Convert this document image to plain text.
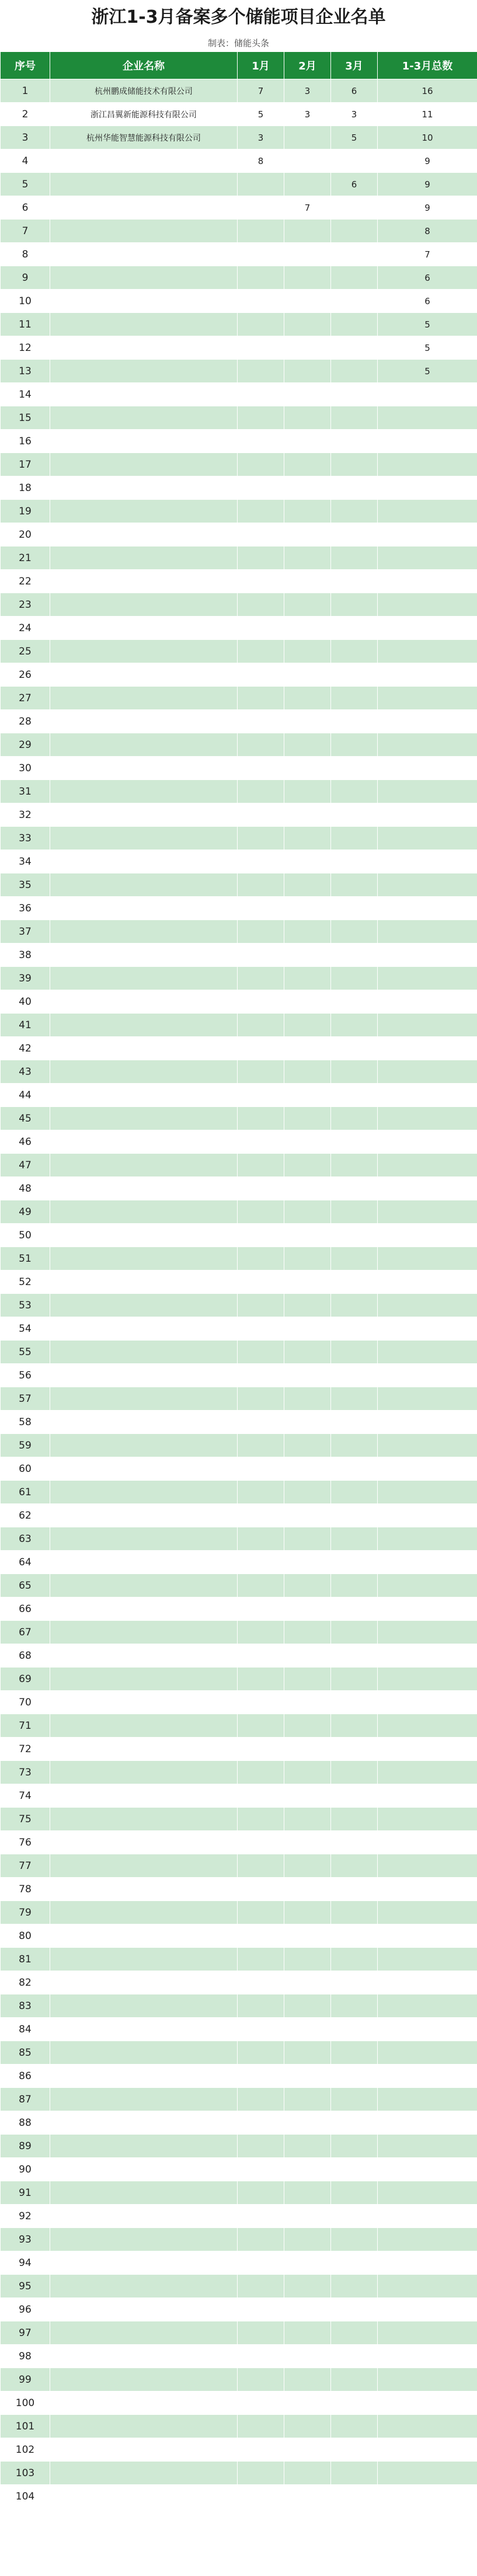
浙江1-3月备案多个储能项目企业名单
制表：储能头条
序号	企业名称	1月	2月	3月	1-3月总数
1	杭州鹏成储能技术有限公司	7	3	6	16
2	浙江昌翼新能源科技有限公司	5	3	3	11
3	杭州华能智慧能源科技有限公司	3		5	10
4		8			9
5				6	9
6			7		9
7					8
8					7
9					6
10					6
11					5
12					5
13					5
14					
15					
16					
17					
18					
19					
20					
21					
22					
23					
24					
25					
26					
27					
28					
29					
30					
31					
32					
33					
34					
35					
36					
37					
38					
39					
40					
41					
42					
43					
44					
45					
46					
47					
48					
49					
50					
51					
52					
53					
54					
55					
56					
57					
58					
59					
60					
61					
62					
63					
64					
65					
66					
67					
68					
69					
70					
71					
72					
73					
74					
75					
76					
77					
78					
79					
80					
81					
82					
83					
84					
85					
86					
87					
88					
89					
90					
91					
92					
93					
94					
95					
96					
97					
98					
99					
100					
101					
102					
103					
104					
